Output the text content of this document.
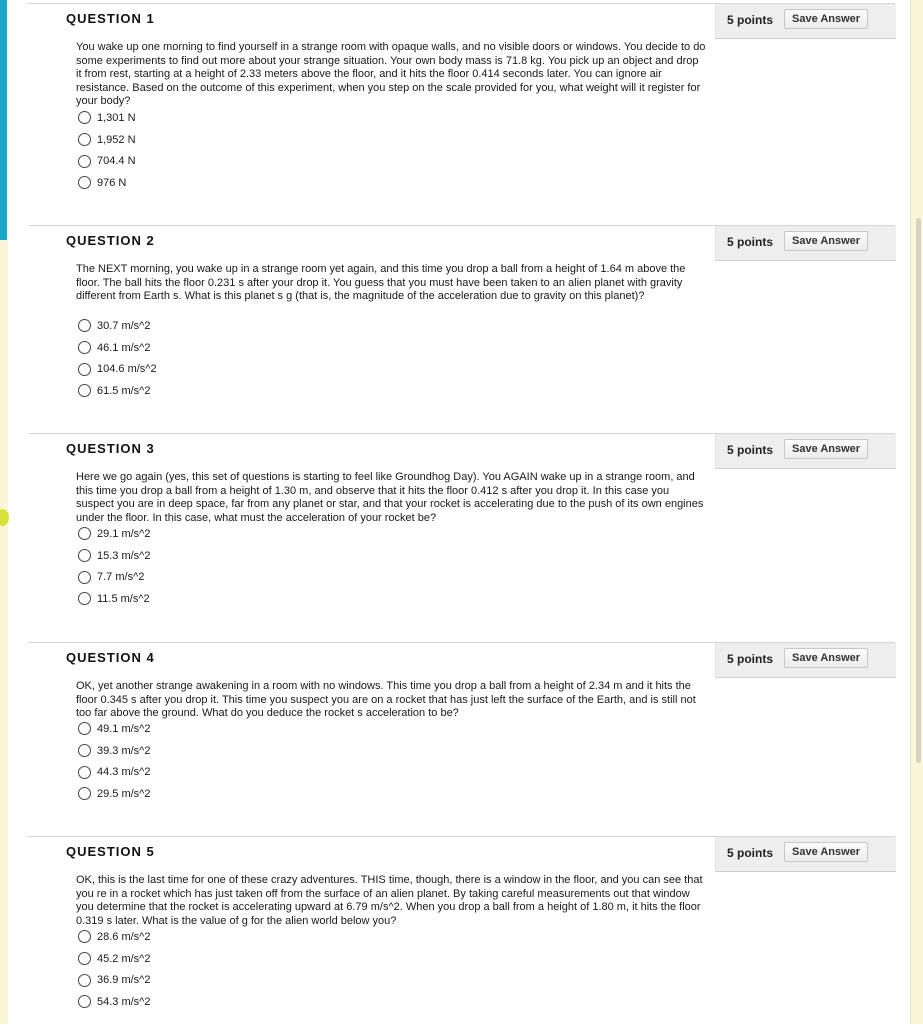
QUESTION 1	5 points	Save Answer
You wake up one morning to find yourself in a strange room with opaque walls, and no visible doors or windows. You decide to do some experiments to find out more about your strange situation. Your own body mass is 71.8 kg. You pick up an object and drop it from rest, starting at a height of 2.33 meters above the floor, and it hits the floor 0.414 seconds later. You can ignore air resistance. Based on the outcome of this experiment, when you step on the scale provided for you, what weight will it register for your body?
1,301 N
1,952 N
704.4 N
976 N
QUESTION 2	5 points	Save Answer
The NEXT morning, you wake up in a strange room yet again, and this time you drop a ball from a height of 1.64 m above the floor. The ball hits the floor 0.231 s after your drop it. You guess that you must have been taken to an alien planet with gravity different from Earth s. What is this planet s g (that is, the magnitude of the acceleration due to gravity on this planet)?
30.7 m/s^2
46.1 m/s^2
104.6 m/s^2
61.5 m/s^2
QUESTION 3	5 points	Save Answer
Here we go again (yes, this set of questions is starting to feel like Groundhog Day). You AGAIN wake up in a strange room, and this time you drop a ball from a height of 1.30 m, and observe that it hits the floor 0.412 s after you drop it. In this case you suspect you are in deep space, far from any planet or star, and that your rocket is accelerating due to the push of its own engines under the floor. In this case, what must the acceleration of your rocket be?
29.1 m/s^2
15.3 m/s^2
7.7 m/s^2
11.5 m/s^2
QUESTION 4	5 points	Save Answer
OK, yet another strange awakening in a room with no windows. This time you drop a ball from a height of 2.34 m and it hits the floor 0.345 s after you drop it. This time you suspect you are on a rocket that has just left the surface of the Earth, and is still not too far above the ground. What do you deduce the rocket s acceleration to be?
49.1 m/s^2
39.3 m/s^2
44.3 m/s^2
29.5 m/s^2
QUESTION 5	5 points	Save Answer
OK, this is the last time for one of these crazy adventures. THIS time, though, there is a window in the floor, and you can see that you re in a rocket which has just taken off from the surface of an alien planet. By taking careful measurements out that window you determine that the rocket is accelerating upward at 6.79 m/s^2. When you drop a ball from a height of 1.80 m, it hits the floor 0.319 s later. What is the value of g for the alien world below you?
28.6 m/s^2
45.2 m/s^2
36.9 m/s^2
54.3 m/s^2
